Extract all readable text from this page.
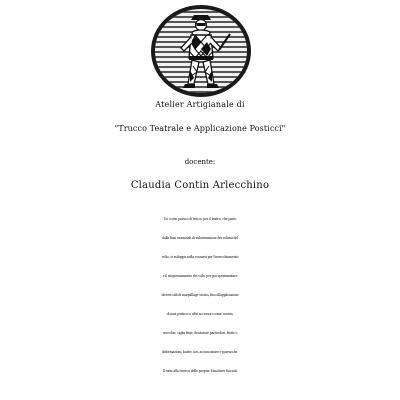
Atelier Artigianale di
"Trucco Teatrale e Applicazione Posticci"
docente:
Claudia Contin Arlecchino
Un corso pratico di trucco per il teatro, che parte
dalle basi essenziali di valorizzazione dei volumi del
volto, si sviluppa nella cosmesi per l'invecchiamento
e il ringiovanimento dei volti, per poi sperimentare
diversi stili di maquillage storici, fino allapplicazione
di nasi posticci e altri accessori come: mento,
orecchie, ciglia finte, dentature particolari, ferite o
deformazioni, barbe, nei, acconciature e parrucche.
Il tutto alla ricerca delle proprie Maschere facciali.
